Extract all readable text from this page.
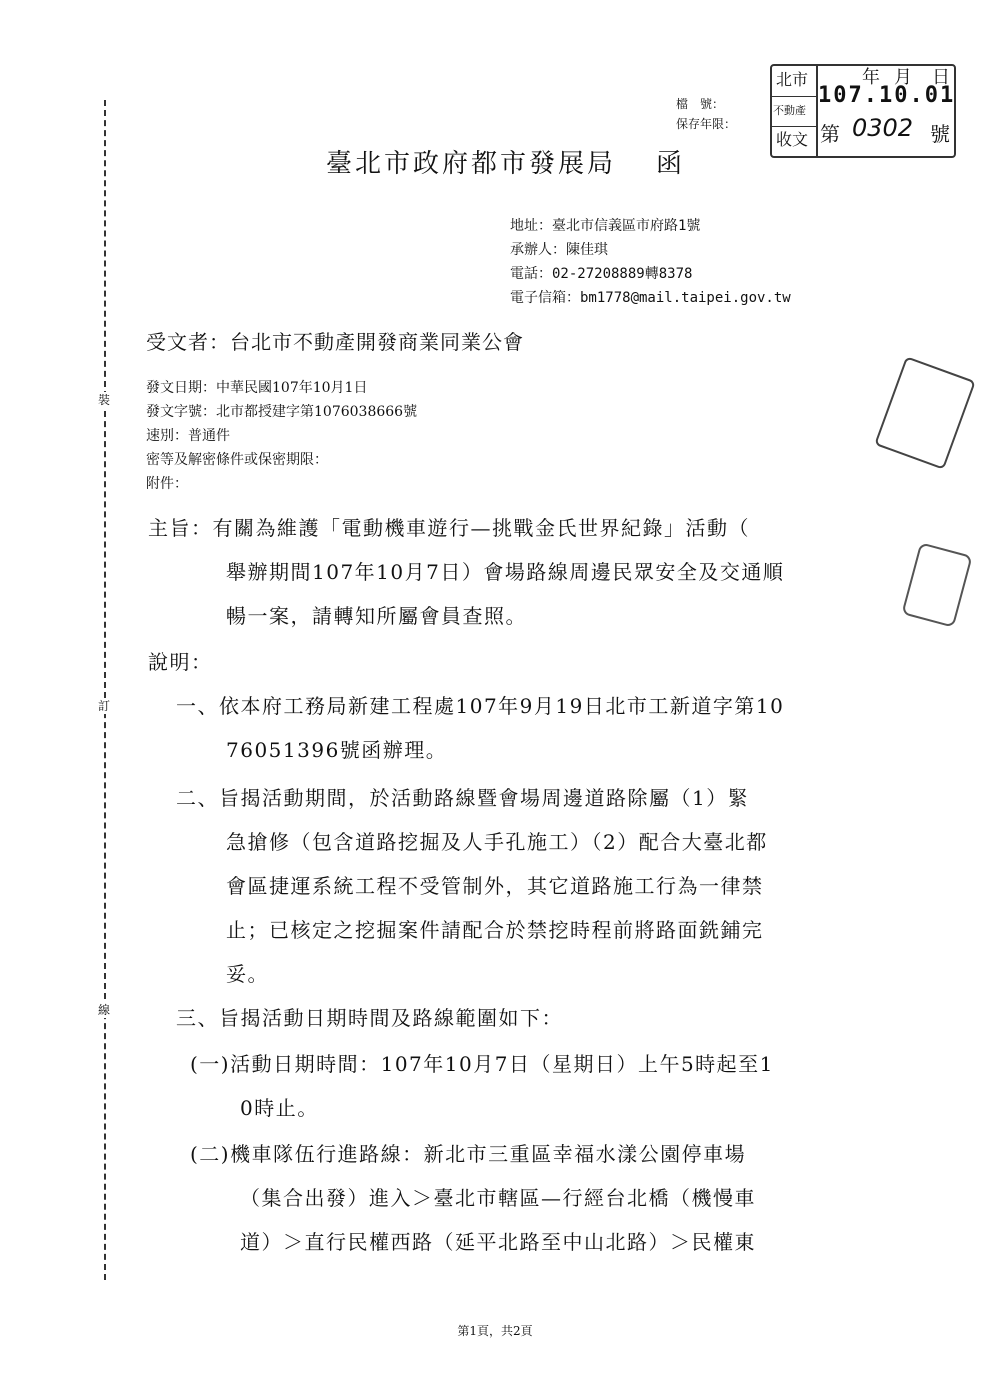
裝
訂
線
檔　號：
保存年限：
北市
不動產
收文
年 月 日
107.10.01
第 0302 號
臺北市政府都市發展局 函
地址：臺北市信義區市府路1號
承辦人：陳佳琪
電話：02-27208889轉8378
電子信箱：bm1778@mail.taipei.gov.tw
受文者：台北市不動產開發商業同業公會
發文日期：中華民國107年10月1日
發文字號：北市都授建字第1076038666號
速別：普通件
密等及解密條件或保密期限：
附件：
主旨：有關為維護「電動機車遊行—挑戰金氏世界紀錄」活動（
舉辦期間107年10月7日）會場路線周邊民眾安全及交通順
暢一案，請轉知所屬會員查照。
說明：
一、依本府工務局新建工程處107年9月19日北市工新道字第10
76051396號函辦理。
二、旨揭活動期間，於活動路線暨會場周邊道路除屬（1）緊
急搶修（包含道路挖掘及人手孔施工）（2）配合大臺北都
會區捷運系統工程不受管制外，其它道路施工行為一律禁
止；已核定之挖掘案件請配合於禁挖時程前將路面銑鋪完
妥。
三、旨揭活動日期時間及路線範圍如下：
(一)活動日期時間：107年10月7日（星期日）上午5時起至1
0時止。
(二)機車隊伍行進路線：新北市三重區幸福水漾公園停車場
（集合出發）進入＞臺北市轄區—行經台北橋（機慢車
道）＞直行民權西路（延平北路至中山北路）＞民權東
第1頁，共2頁
